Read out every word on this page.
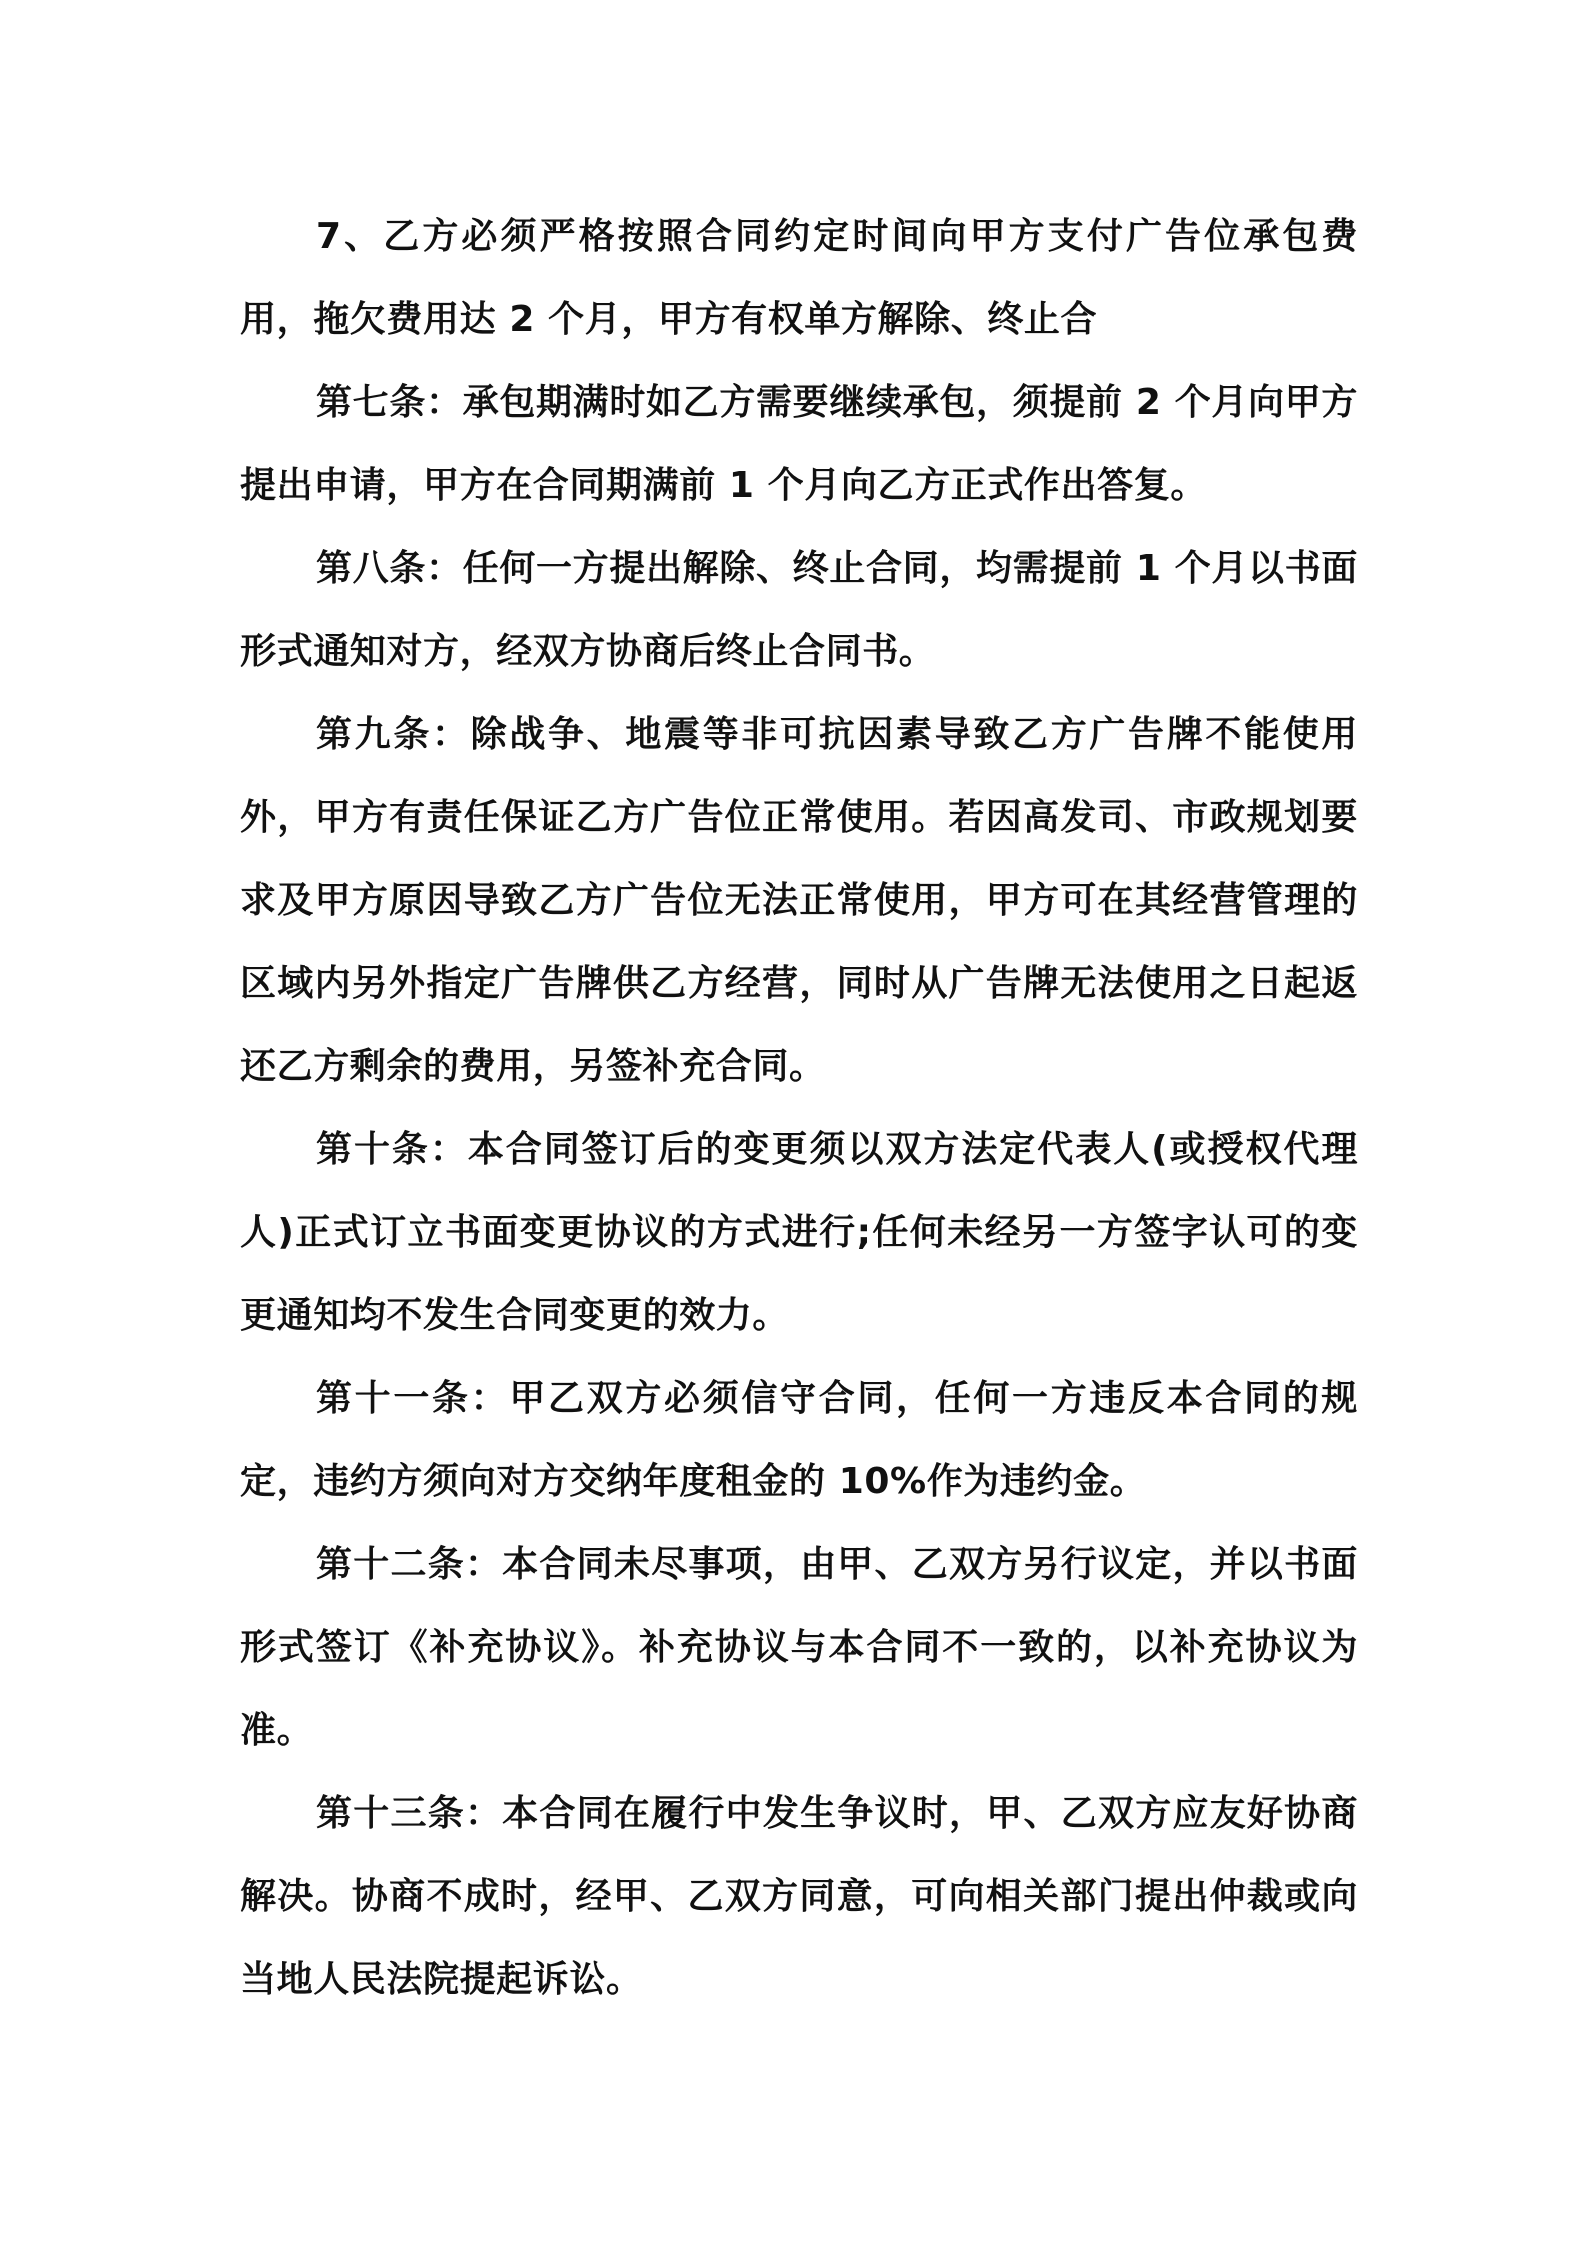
7、乙方必须严格按照合同约定时间向甲方支付广告位承包费用，拖欠费用达 2 个月，甲方有权单方解除、终止合

第七条：承包期满时如乙方需要继续承包，须提前 2 个月向甲方提出申请，甲方在合同期满前 1 个月向乙方正式作出答复。

第八条：任何一方提出解除、终止合同，均需提前 1 个月以书面形式通知对方，经双方协商后终止合同书。

第九条：除战争、地震等非可抗因素导致乙方广告牌不能使用外，甲方有责任保证乙方广告位正常使用。若因高发司、市政规划要求及甲方原因导致乙方广告位无法正常使用，甲方可在其经营管理的区域内另外指定广告牌供乙方经营，同时从广告牌无法使用之日起返还乙方剩余的费用，另签补充合同。

第十条：本合同签订后的变更须以双方法定代表人(或授权代理人)正式订立书面变更协议的方式进行;任何未经另一方签字认可的变更通知均不发生合同变更的效力。

第十一条：甲乙双方必须信守合同，任何一方违反本合同的规定，违约方须向对方交纳年度租金的 10%作为违约金。

第十二条：本合同未尽事项，由甲、乙双方另行议定，并以书面形式签订《补充协议》。补充协议与本合同不一致的，以补充协议为准。

第十三条：本合同在履行中发生争议时，甲、乙双方应友好协商解决。协商不成时，经甲、乙双方同意，可向相关部门提出仲裁或向当地人民法院提起诉讼。
